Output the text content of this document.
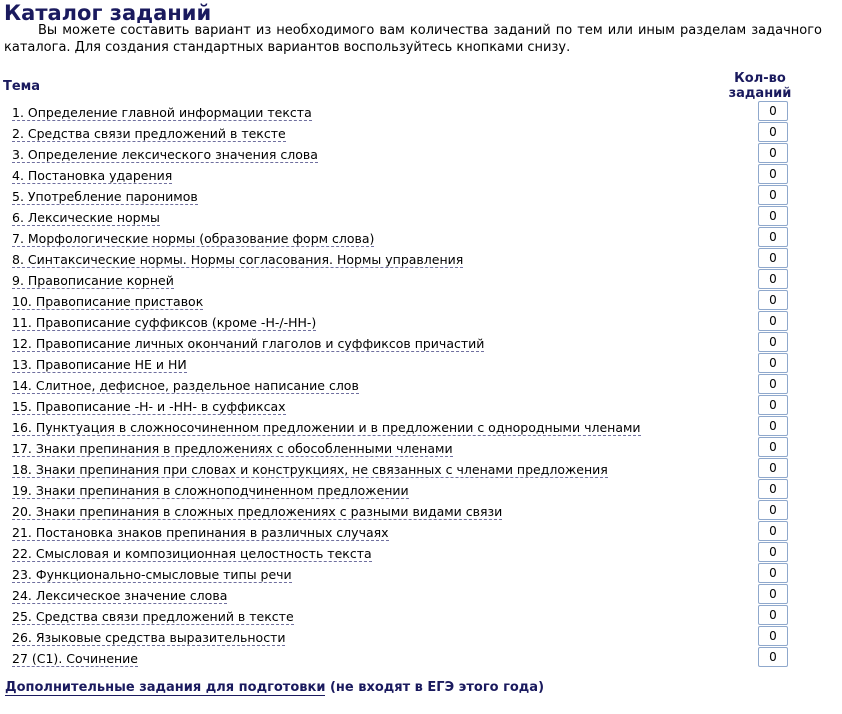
Каталог заданий

Вы можете составить вариант из необходимого вам количества заданий по тем или иным разделам задачного каталога. Для создания стандартных вариантов воспользуйтесь кнопками снизу.

Тема
Кол-во заданий
1. Определение главной информации текста
0
2. Средства связи предложений в тексте
0
3. Определение лексического значения слова
0
4. Постановка ударения
0
5. Употребление паронимов
0
6. Лексические нормы
0
7. Морфологические нормы (образование форм слова)
0
8. Синтаксические нормы. Нормы согласования. Нормы управления
0
9. Правописание корней
0
10. Правописание приставок
0
11. Правописание суффиксов (кроме -Н-/-НН-)
0
12. Правописание личных окончаний глаголов и суффиксов причастий
0
13. Правописание НЕ и НИ
0
14. Слитное, дефисное, раздельное написание слов
0
15. Правописание -Н- и -НН- в суффиксах
0
16. Пунктуация в сложносочиненном предложении и в предложении с однородными членами
0
17. Знаки препинания в предложениях с обособленными членами
0
18. Знаки препинания при словах и конструкциях, не связанных с членами предложения
0
19. Знаки препинания в сложноподчиненном предложении
0
20. Знаки препинания в сложных предложениях с разными видами связи
0
21. Постановка знаков препинания в различных случаях
0
22. Смысловая и композиционная целостность текста
0
23. Функционально-смысловые типы речи
0
24. Лексическое значение слова
0
25. Средства связи предложений в тексте
0
26. Языковые средства выразительности
0
27 (С1). Сочинение
0
Дополнительные задания для подготовки (не входят в ЕГЭ этого года)
